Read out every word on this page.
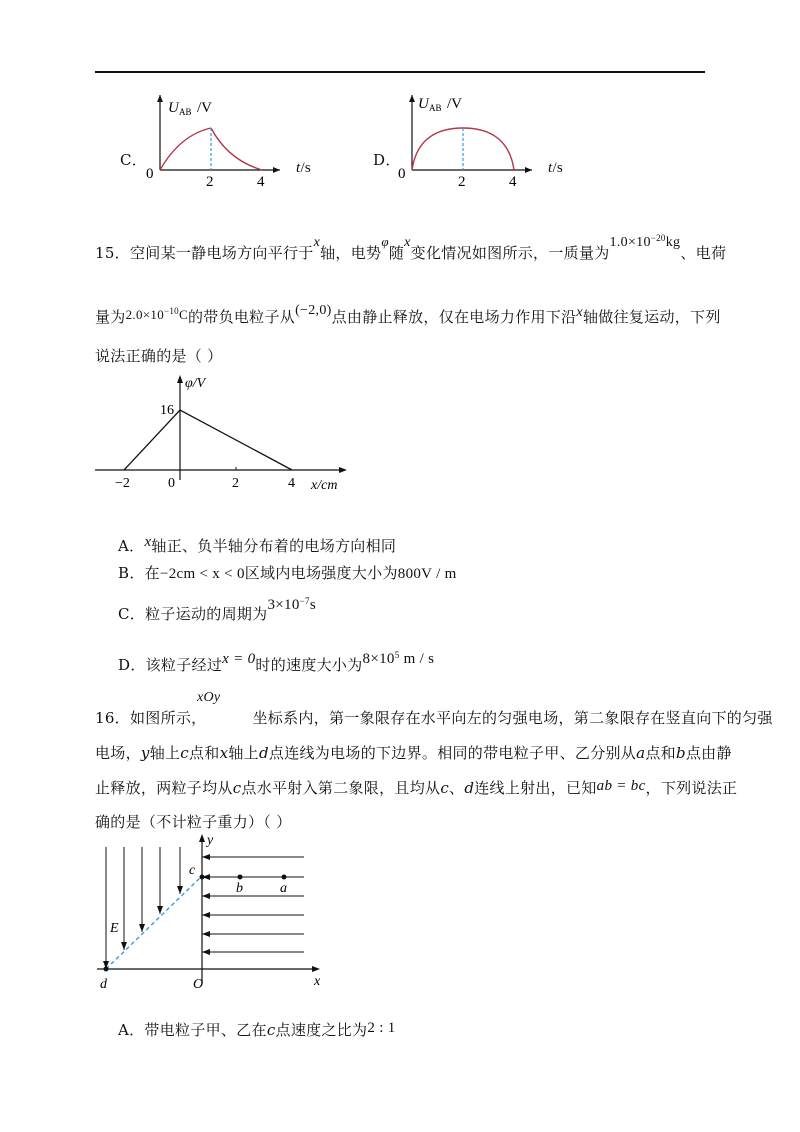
C．
U AB /V
0	2	4
t/s	D．
U AB /V
0	2	4
t/s
15．空间某一静电场方向平行于x轴，电势φ随x变化情况如图所示，一质量为$1.0\times 10^{-20}kg$、电荷
量为$2.0\times 10^{-10}C$的带负电粒子从(−2,0)点由静止释放，仅在电场力作用下沿x轴做往复运动，下列
说法正确的是（ ）
φ/V
16
−2	0	2	4 x/cm
A．x轴正、负半轴分布着的电场方向相同
B．在−2cm < x < 0区域内电场强度大小为800V / m
C．粒子运动的周期为$3\times 10^{-7}s$
D．该粒子经过x = 0时的速度大小为$8\times 10^5$ m / s
xOy
16．如图所示，	坐标系内，第一象限存在水平向左的匀强电场，第二象限存在竖直向下的匀强
电场，y轴上c点和x轴上d点连线为电场的下边界。相同的带电粒子甲、乙分别从a点和b点由静
止释放，两粒子均从c点水平射入第二象限，且均从c、d连线上射出，已知ab = bc，下列说法正
确的是（不计粒子重力）（ ）
y
c
b	a
E
d	O	x
A．带电粒子甲、乙在c点速度之比为2 : 1
